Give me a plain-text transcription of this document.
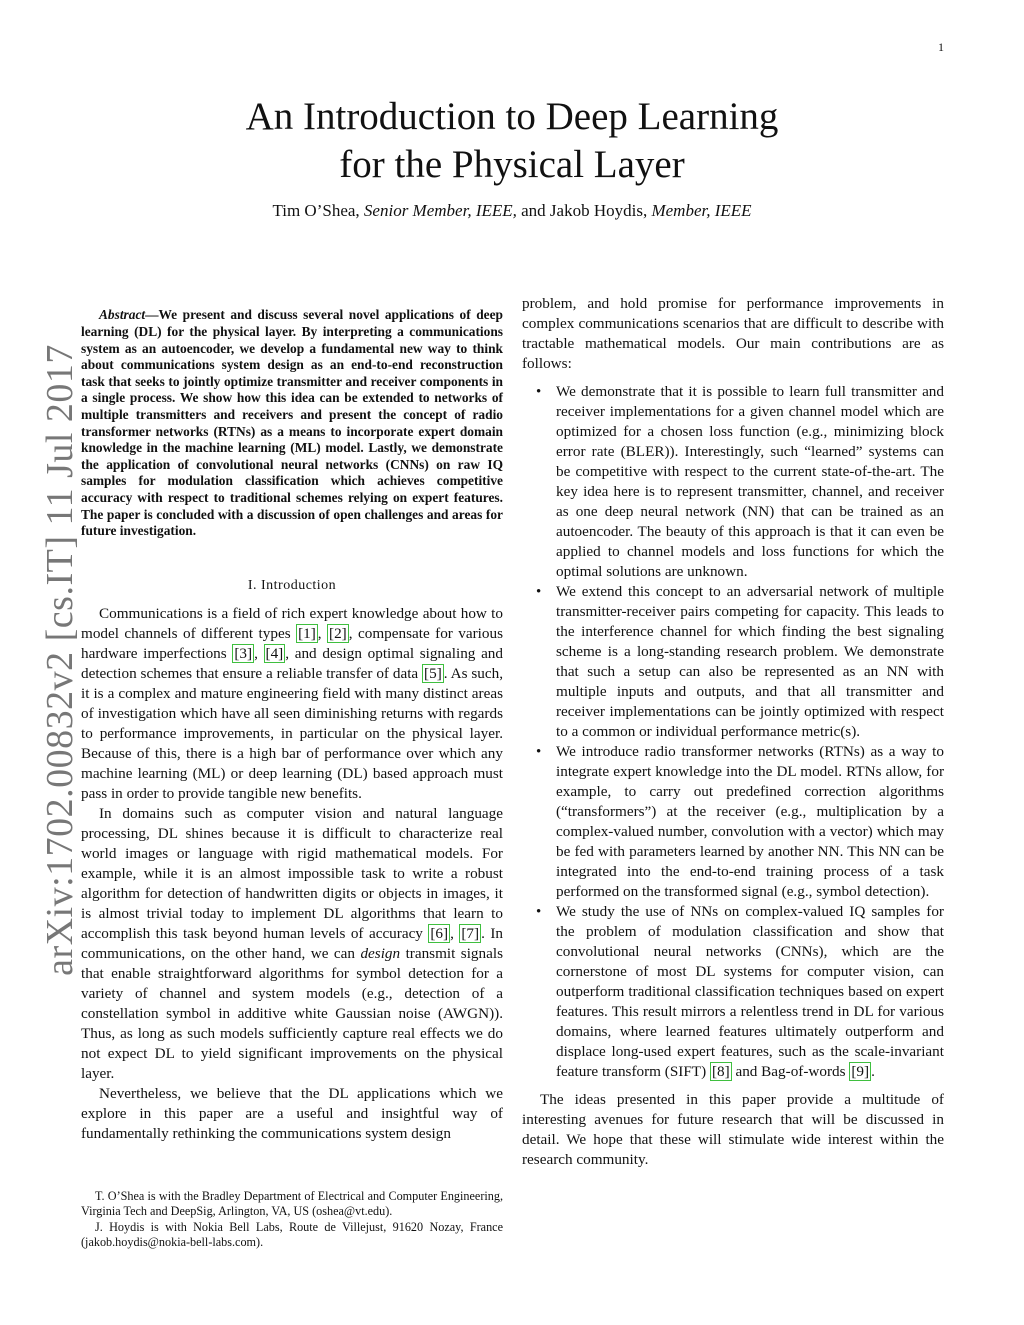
1
arXiv:1702.00832v2 [cs.IT] 11 Jul 2017
An Introduction to Deep Learning
for the Physical Layer
Tim O’Shea, Senior Member, IEEE, and Jakob Hoydis, Member, IEEE

Abstract—We present and discuss several novel applications of deep learning (DL) for the physical layer. By interpreting a communications system as an autoencoder, we develop a fundamental new way to think about communications system design as an end-to-end reconstruction task that seeks to jointly optimize transmitter and receiver components in a single process. We show how this idea can be extended to networks of multiple transmitters and receivers and present the concept of radio transformer networks (RTNs) as a means to incorporate expert domain knowledge in the machine learning (ML) model. Lastly, we demonstrate the application of convolutional neural networks (CNNs) on raw IQ samples for modulation classification which achieves competitive accuracy with respect to traditional schemes relying on expert features. The paper is concluded with a discussion of open challenges and areas for future investigation.

I. Introduction

Communications is a field of rich expert knowledge about how to model channels of different types [1] , [2] , compensate for various hardware imperfections [3] , [4] , and design optimal signaling and detection schemes that ensure a reliable transfer of data [5] . As such, it is a complex and mature engineering field with many distinct areas of investigation which have all seen diminishing returns with regards to performance improvements, in particular on the physical layer. Because of this, there is a high bar of performance over which any machine learning (ML) or deep learning (DL) based approach must pass in order to provide tangible new benefits.

In domains such as computer vision and natural language processing, DL shines because it is difficult to characterize real world images or language with rigid mathematical models. For example, while it is an almost impossible task to write a robust algorithm for detection of handwritten digits or objects in images, it is almost trivial today to implement DL algorithms that learn to accomplish this task beyond human levels of accuracy [6] , [7] . In communications, on the other hand, we can design transmit signals that enable straightforward algorithms for symbol detection for a variety of channel and system models (e.g., detection of a constellation symbol in additive white Gaussian noise (AWGN)). Thus, as long as such models sufficiently capture real effects we do not expect DL to yield significant improvements on the physical layer.

Nevertheless, we believe that the DL applications which we explore in this paper are a useful and insightful way of fundamentally rethinking the communications system design

T. O’Shea is with the Bradley Department of Electrical and Computer Engineering, Virginia Tech and DeepSig, Arlington, VA, US (oshea@vt.edu).

J. Hoydis is with Nokia Bell Labs, Route de Villejust, 91620 Nozay, France (jakob.hoydis@nokia-bell-labs.com).

problem, and hold promise for performance improvements in complex communications scenarios that are difficult to describe with tractable mathematical models. Our main contributions are as follows:

• We demonstrate that it is possible to learn full transmitter and receiver implementations for a given channel model which are optimized for a chosen loss function (e.g., minimizing block error rate (BLER)). Interestingly, such “learned” systems can be competitive with respect to the current state-of-the-art. The key idea here is to represent transmitter, channel, and receiver as one deep neural network (NN) that can be trained as an autoencoder. The beauty of this approach is that it can even be applied to channel models and loss functions for which the optimal solutions are unknown.
• We extend this concept to an adversarial network of multiple transmitter-receiver pairs competing for capacity. This leads to the interference channel for which finding the best signaling scheme is a long-standing research problem. We demonstrate that such a setup can also be represented as an NN with multiple inputs and outputs, and that all transmitter and receiver implementations can be jointly optimized with respect to a common or individual performance metric(s).
• We introduce radio transformer networks (RTNs) as a way to integrate expert knowledge into the DL model. RTNs allow, for example, to carry out predefined correction algorithms (“transformers”) at the receiver (e.g., multiplication by a complex-valued number, convolution with a vector) which may be fed with parameters learned by another NN. This NN can be integrated into the end-to-end training process of a task performed on the transformed signal (e.g., symbol detection).
• We study the use of NNs on complex-valued IQ samples for the problem of modulation classification and show that convolutional neural networks (CNNs), which are the cornerstone of most DL systems for computer vision, can outperform traditional classification techniques based on expert features. This result mirrors a relentless trend in DL for various domains, where learned features ultimately outperform and displace long-used expert features, such as the scale-invariant feature transform (SIFT) [8] and Bag-of-words [9] .

The ideas presented in this paper provide a multitude of interesting avenues for future research that will be discussed in detail. We hope that these will stimulate wide interest within the research community.
